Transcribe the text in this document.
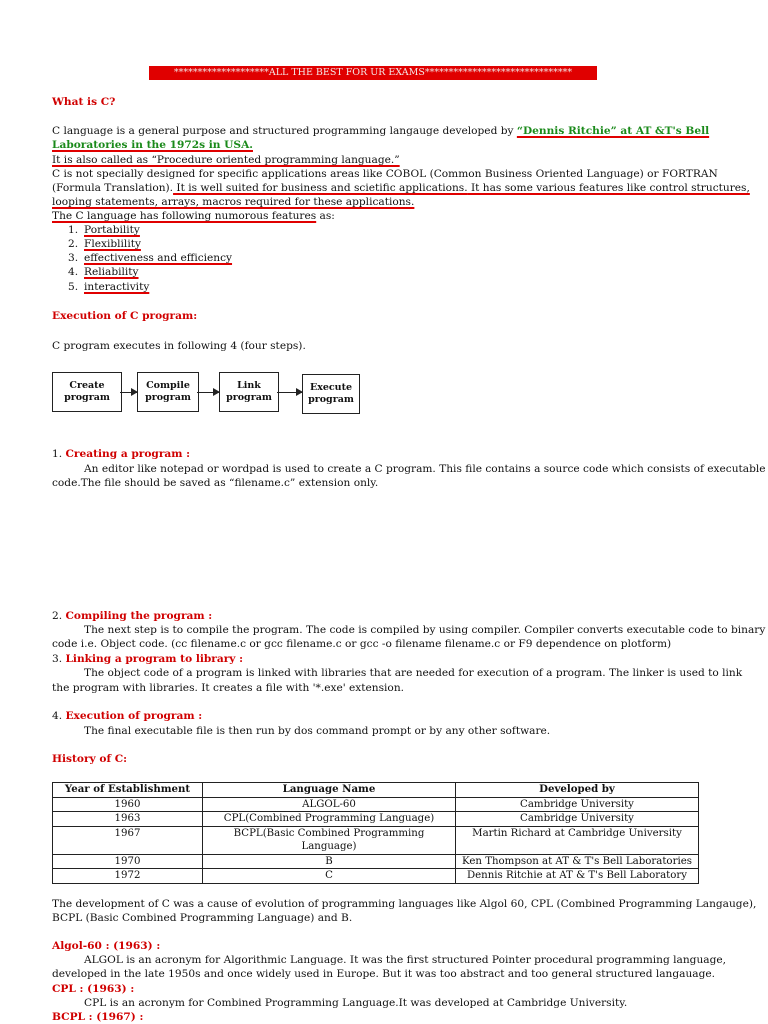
********************ALL THE BEST FOR UR EXAMS*******************************
What is C?
C language is a general purpose and structured programming langauge developed by “Dennis Ritchie” at AT &T's Bell
Laboratories in the 1972s in USA.
It is also called as “Procedure oriented programming language.”
C is not specially designed for specific applications areas like COBOL (Common Business Oriented Language) or FORTRAN
(Formula Translation). It is well suited for business and scietific applications. It has some various features like control structures,
looping statements, arrays, macros required for these applications.
The C language has following numorous features as:
1. Portability
2. Flexiblility
3. effectiveness and efficiency
4. Reliability
5. interactivity
Execution of C program:
C program executes in following 4 (four steps).
Create
program
Compile
program
Link
program
Execute
program
1. Creating a program :
An editor like notepad or wordpad is used to create a C program. This file contains a source code which consists of executable
code.The file should be saved as “filename.c” extension only.
2. Compiling the program :
The next step is to compile the program. The code is compiled by using compiler. Compiler converts executable code to binary
code i.e. Object code. (cc filename.c or gcc filename.c or gcc -o filename filename.c or F9 dependence on plotform)
3. Linking a program to library :
The object code of a program is linked with libraries that are needed for execution of a program. The linker is used to link
the program with libraries. It creates a file with '*.exe' extension.
4. Execution of program :
The final executable file is then run by dos command prompt or by any other software.
History of C:
Year of Establishment	Language Name	Developed by
1960	ALGOL-60	Cambridge University
1963	CPL(Combined Programming Language)	Cambridge University
1967	BCPL(Basic Combined Programming Language)	Martin Richard at Cambridge University
1970	B	Ken Thompson at AT & T's Bell Laboratories
1972	C	Dennis Ritchie at AT & T's Bell Laboratory
The development of C was a cause of evolution of programming languages like Algol 60, CPL (Combined Programming Langauge),
BCPL (Basic Combined Programming Language) and B.
Algol-60 : (1963) :
ALGOL is an acronym for Algorithmic Language. It was the first structured Pointer procedural programming language,
developed in the late 1950s and once widely used in Europe. But it was too abstract and too general structured langauage.
CPL : (1963) :
CPL is an acronym for Combined Programming Language.It was developed at Cambridge University.
BCPL : (1967) :
